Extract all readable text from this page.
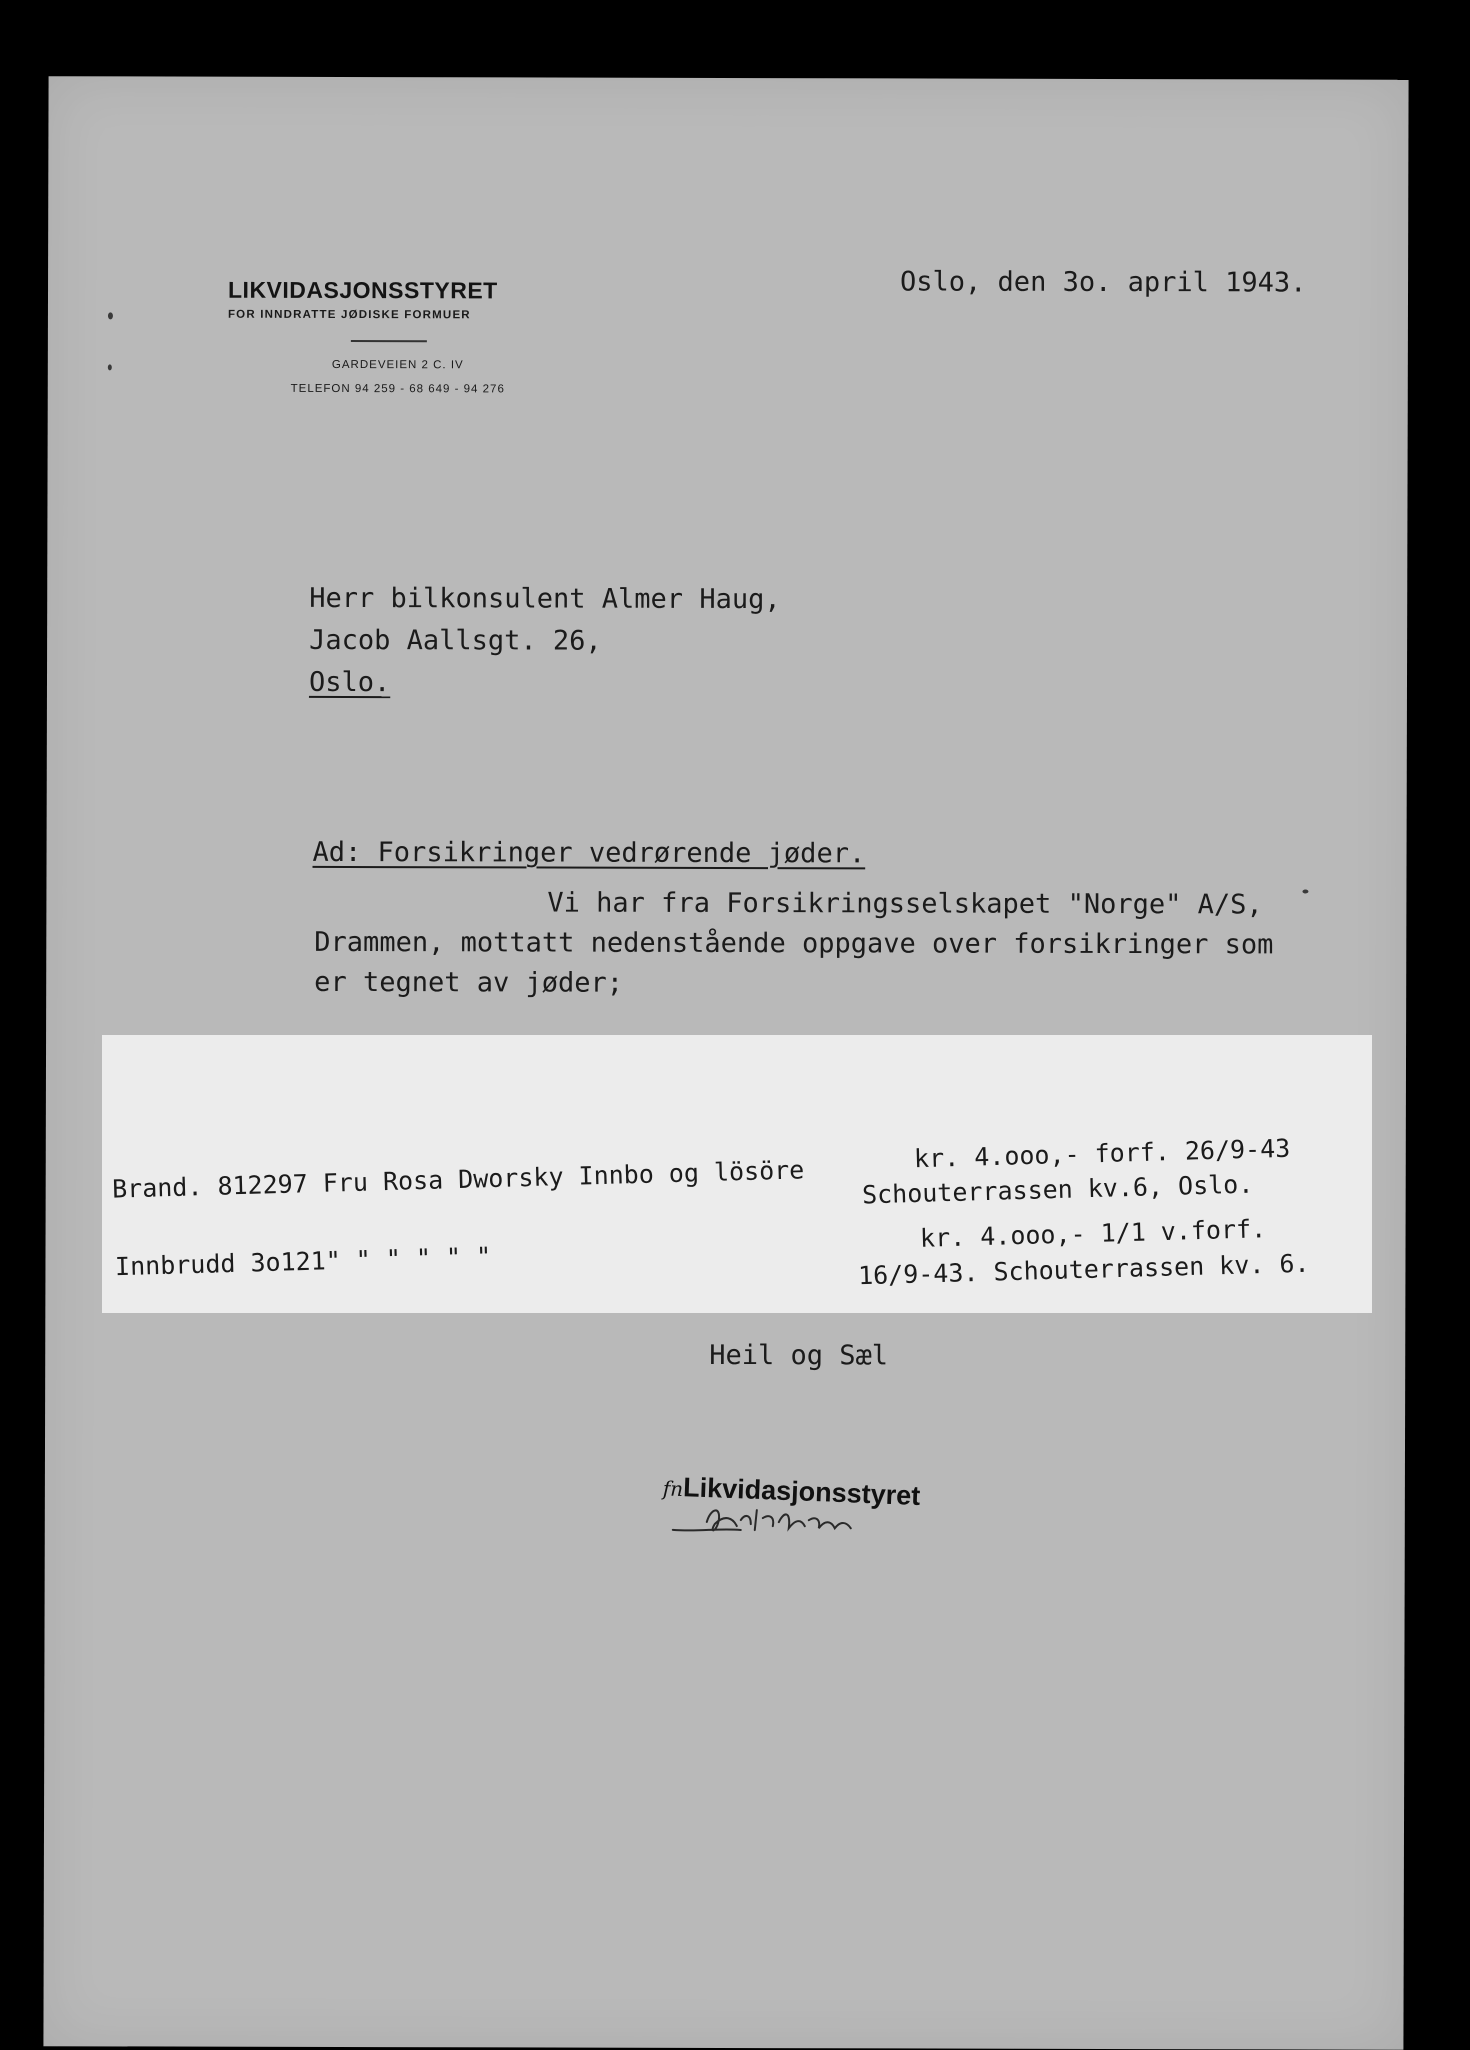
LIKVIDASJONSSTYRET
FOR INNDRATTE JØDISKE FORMUER
GARDEVEIEN 2 C. IV
TELEFON 94 259 - 68 649 - 94 276
Oslo, den 3o. april 1943.
Herr bilkonsulent Almer Haug,
Jacob Aallsgt. 26,
Oslo.
Ad: Forsikringer vedrørende jøder.
Vi har fra Forsikringsselskapet "Norge" A/S,
Drammen, mottatt nedenstående oppgave over forsikringer som
er tegnet av jøder;
Heil og Sæl
fnLikvidasjonsstyret
Brand. 812297 Fru Rosa Dworsky Innbo og lösöre
kr. 4.ooo,- forf. 26/9-43
Schouterrassen kv.6, Oslo.
Innbrudd 3o121" " " " " "
kr. 4.ooo,- 1/1 v.forf.
16/9-43. Schouterrassen kv. 6.
